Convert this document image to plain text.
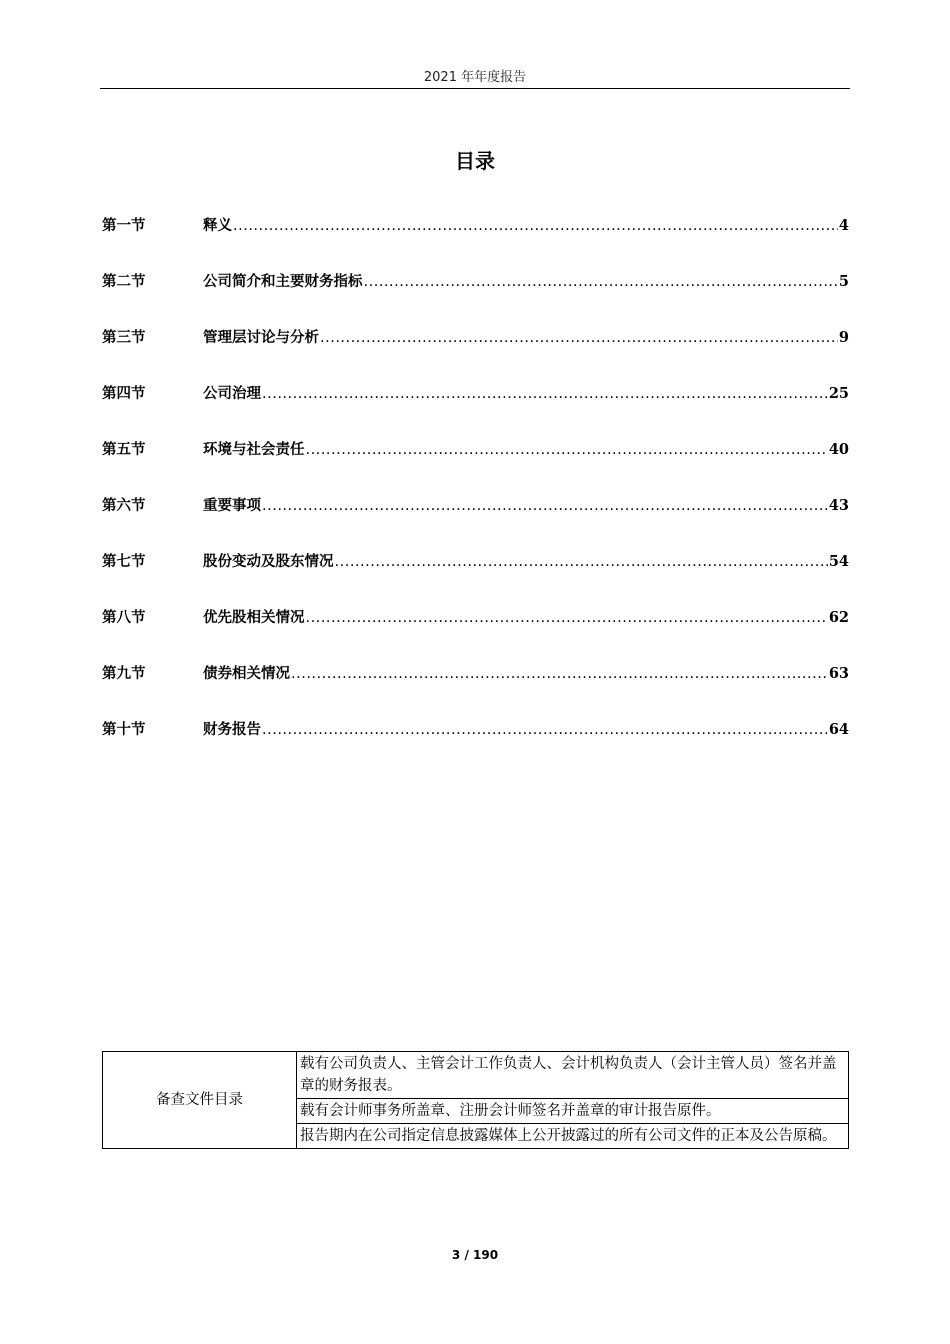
2021 年年度报告
目录
第一节	释义 .....	4
第二节	公司简介和主要财务指标 .....	5
第三节	管理层讨论与分析 .....	9
第四节	公司治理 .....	25
第五节	环境与社会责任 .....	40
第六节	重要事项 .....	43
第七节	股份变动及股东情况 .....	54
第八节	优先股相关情况 .....	62
第九节	债券相关情况 .....	63
第十节	财务报告 .....	64
备查文件目录	载有公司负责人、主管会计工作负责人、会计机构负责人（会计主管人员）签名并盖章的财务报表。
载有会计师事务所盖章、注册会计师签名并盖章的审计报告原件。
报告期内在公司指定信息披露媒体上公开披露过的所有公司文件的正本及公告原稿。
3 / 190
